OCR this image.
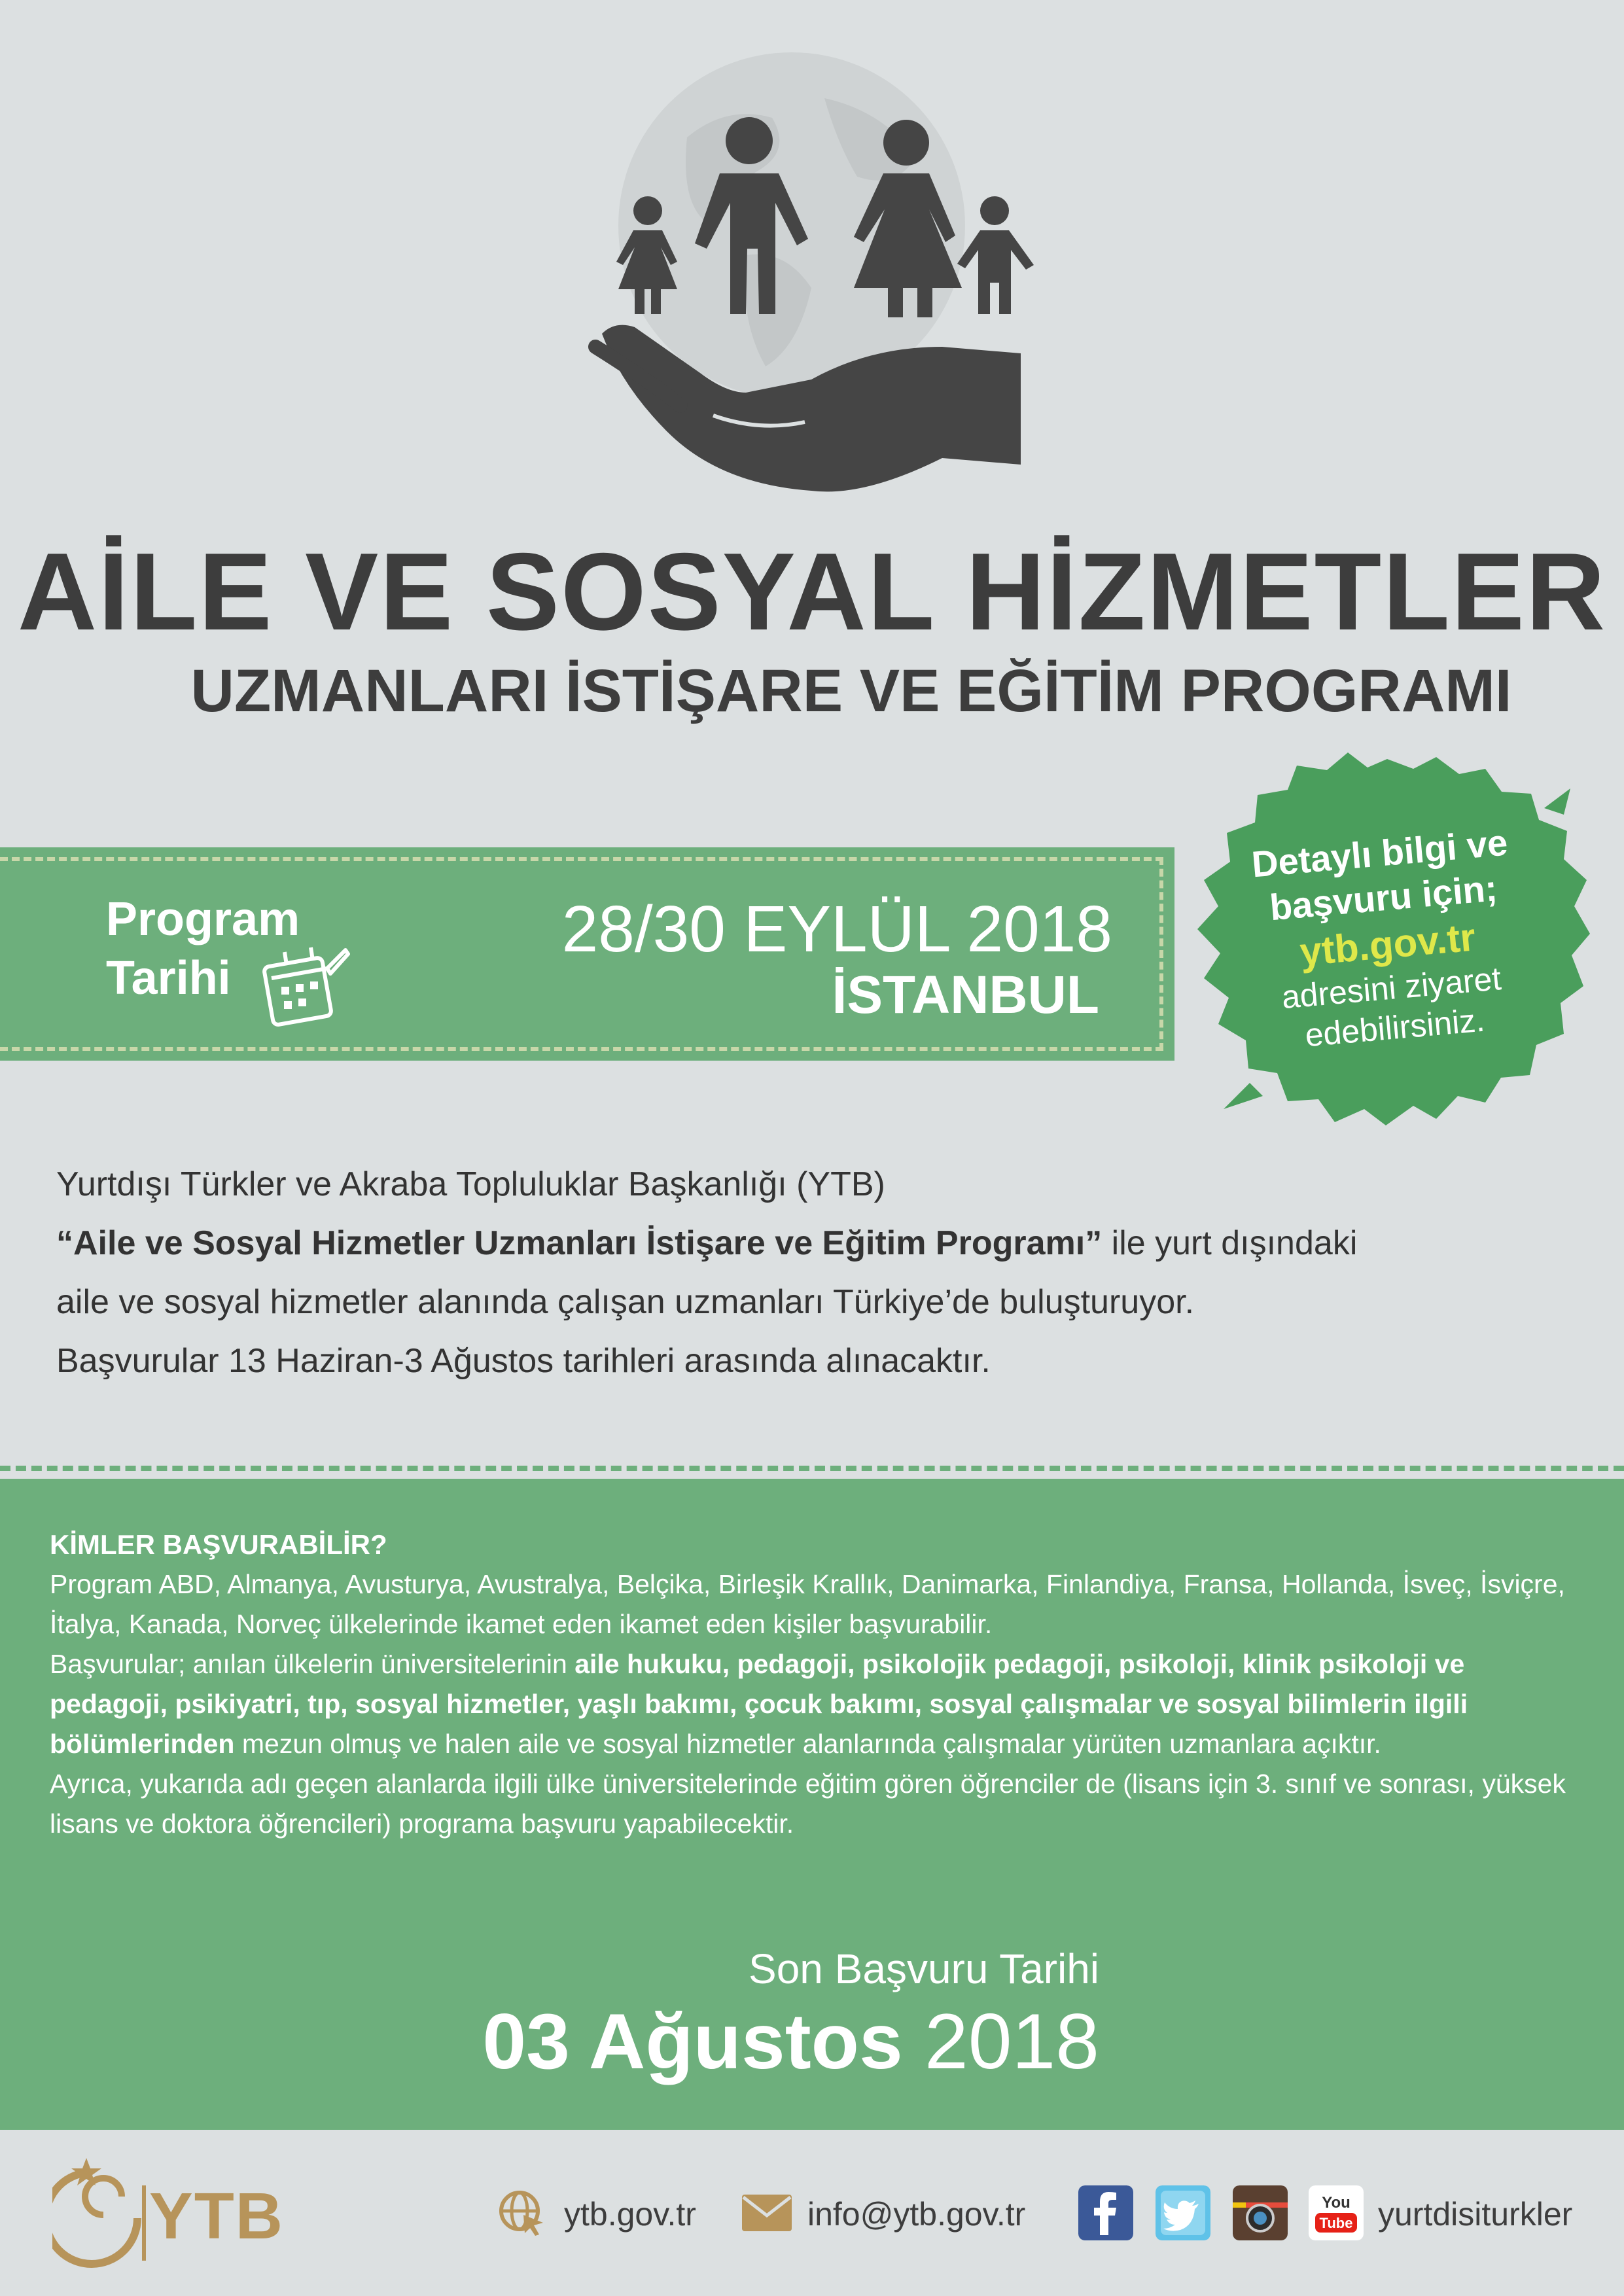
AİLE VE SOSYAL HİZMETLER
UZMANLARI İSTİŞARE VE EĞİTİM PROGRAMI
Program
Tarihi
28/30 EYLÜL 2018
İSTANBUL
Detaylı bilgi ve
başvuru için;
ytb.gov.tr
adresini ziyaret
edebilirsiniz.
Yurtdışı Türkler ve Akraba Topluluklar Başkanlığı (YTB)
“Aile ve Sosyal Hizmetler Uzmanları İstişare ve Eğitim Programı” ile yurt dışındaki
aile ve sosyal hizmetler alanında çalışan uzmanları Türkiye’de buluşturuyor.
Başvurular 13 Haziran-3 Ağustos tarihleri arasında alınacaktır.
KİMLER BAŞVURABİLİR?
Program ABD, Almanya, Avusturya, Avustralya, Belçika, Birleşik Krallık, Danimarka, Finlandiya, Fransa, Hollanda, İsveç, İsviçre, İtalya, Kanada, Norveç ülkelerinde ikamet eden ikamet eden kişiler başvurabilir.
Başvurular; anılan ülkelerin üniversitelerinin aile hukuku, pedagoji, psikolojik pedagoji, psikoloji, klinik psikoloji ve pedagoji, psikiyatri, tıp, sosyal hizmetler, yaşlı bakımı, çocuk bakımı, sosyal çalışmalar ve sosyal bilimlerin ilgili bölümlerinden mezun olmuş ve halen aile ve sosyal hizmetler alanlarında çalışmalar yürüten uzmanlara açıktır.
Ayrıca, yukarıda adı geçen alanlarda ilgili ülke üniversitelerinde eğitim gören öğrenciler de (lisans için 3. sınıf ve sonrası, yüksek lisans ve doktora öğrencileri) programa başvuru yapabilecektir.
Son Başvuru Tarihi
03 Ağustos 2018
YTB	ytb.gov.tr	info@ytb.gov.tr	You
Tube yurtdisiturkler
